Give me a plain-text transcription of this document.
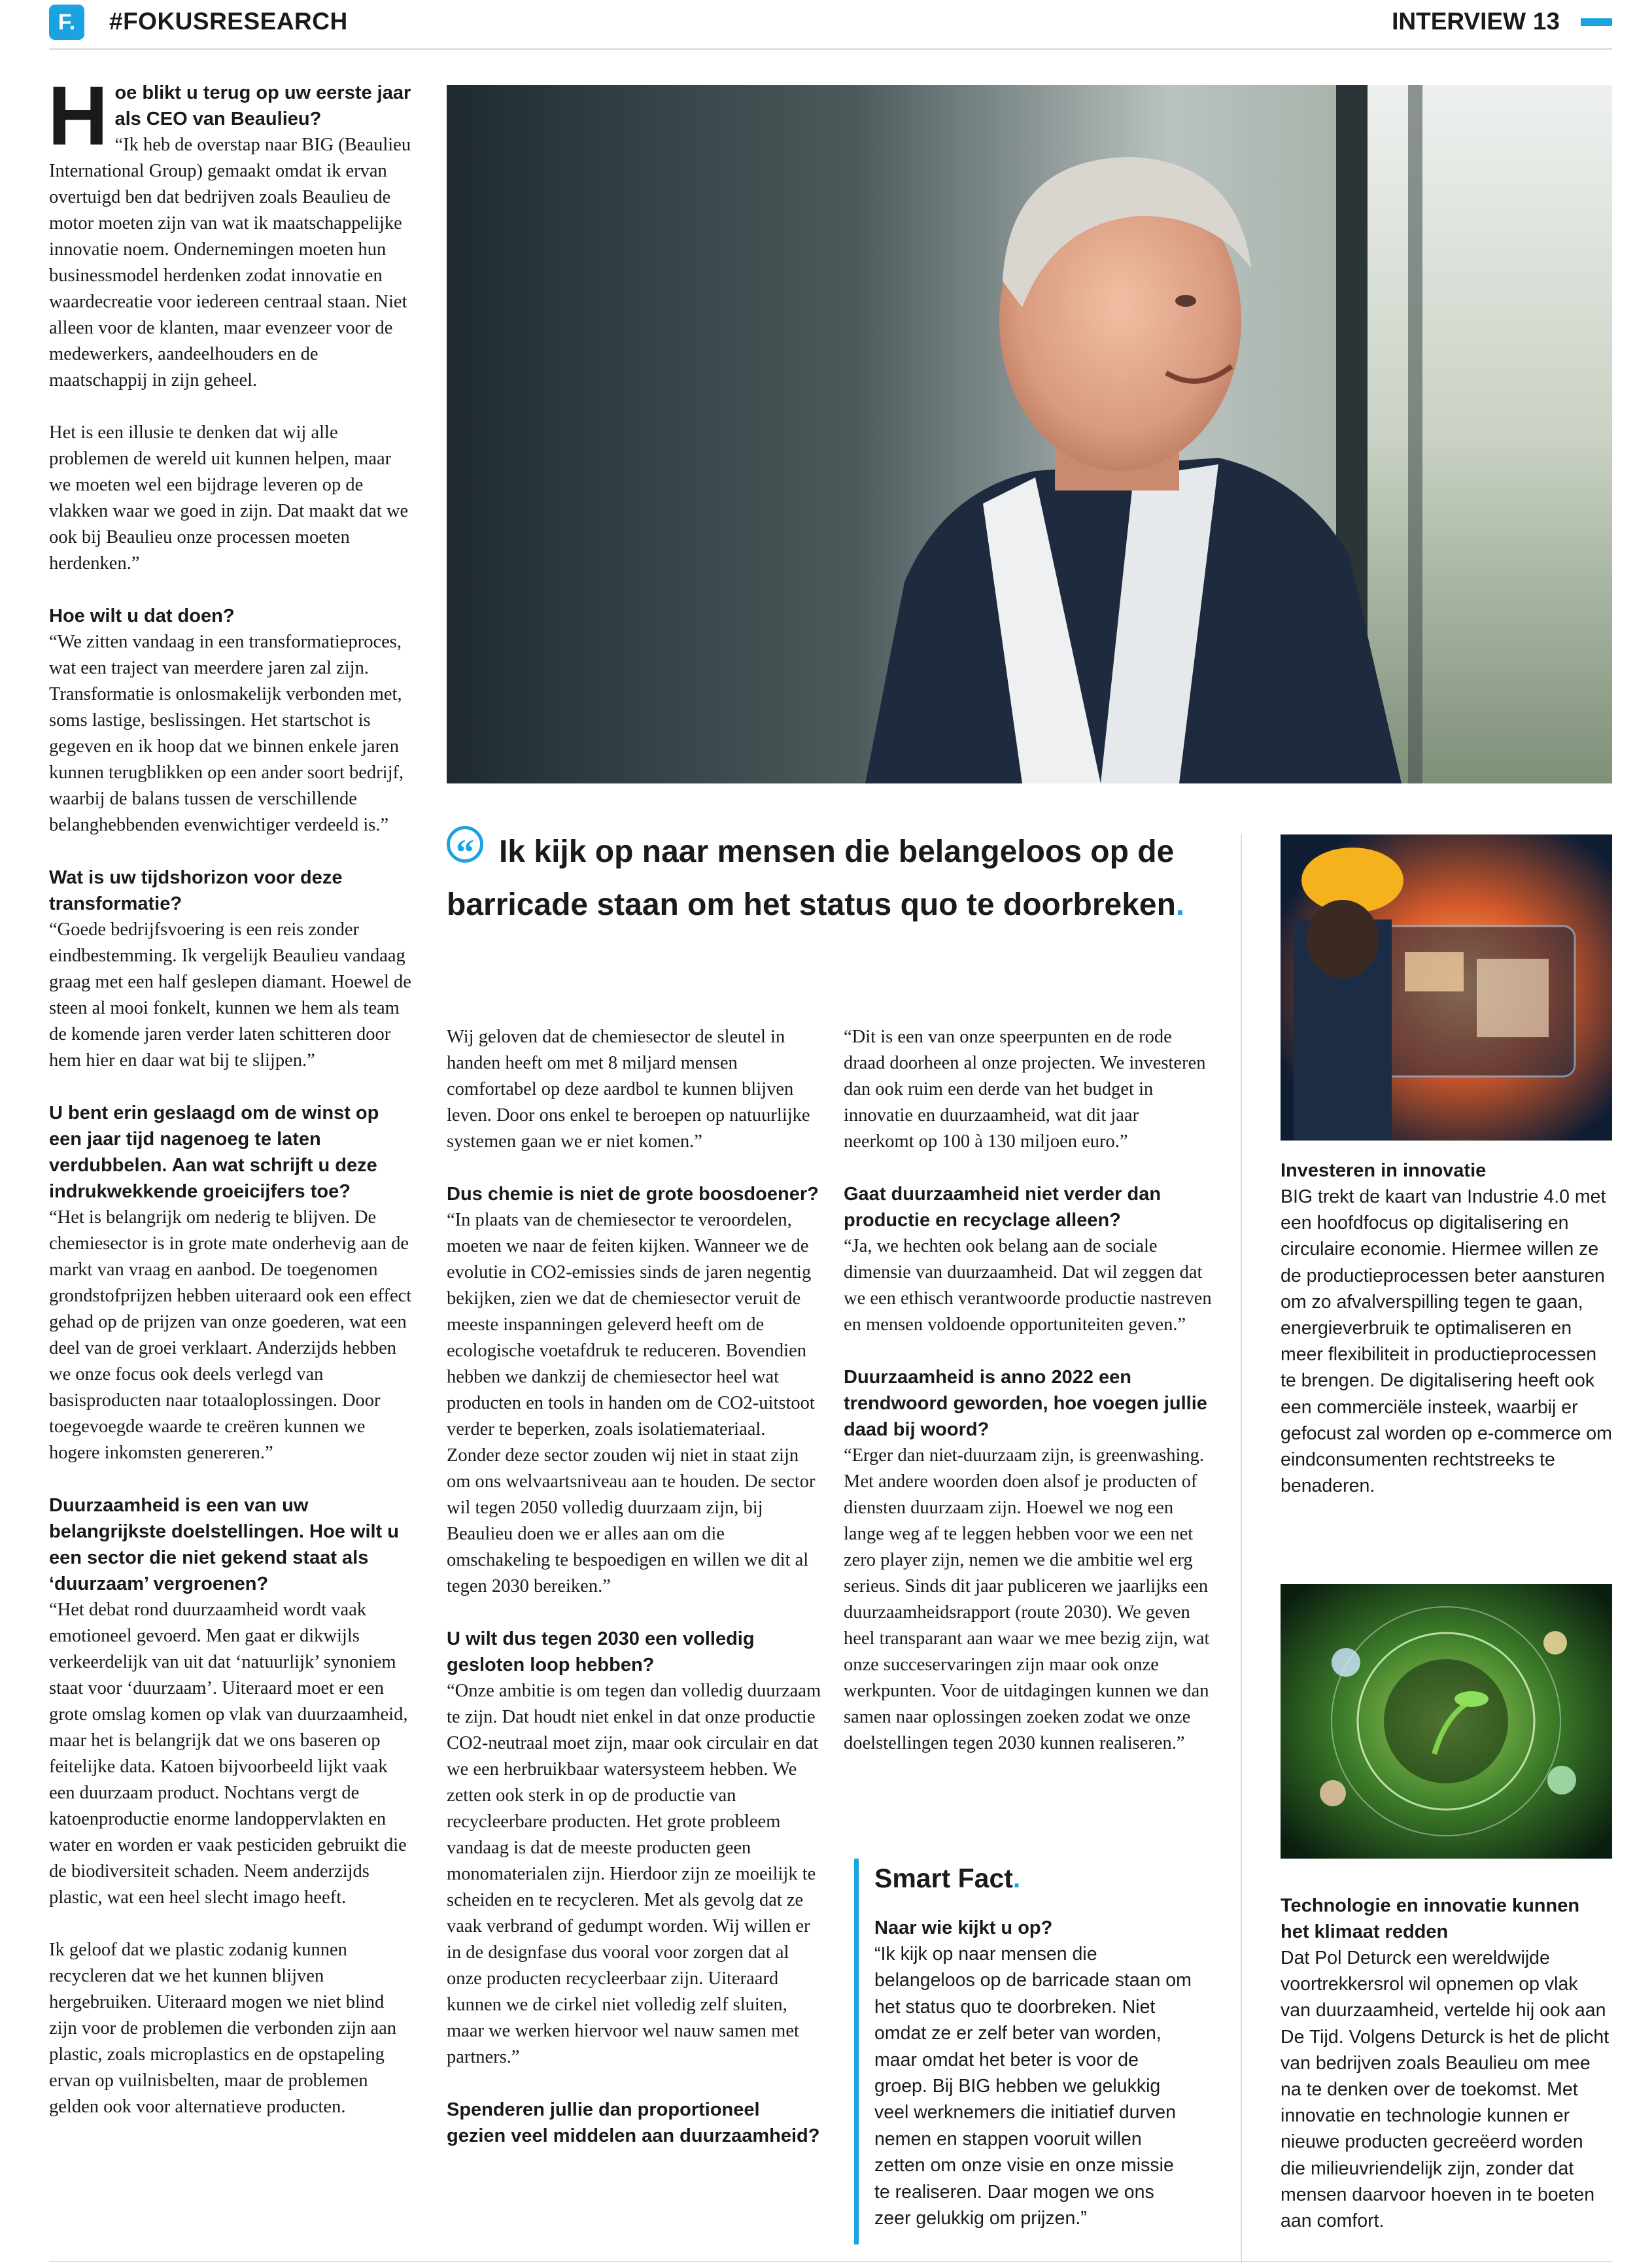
F.	#FOKUSRESEARCH	INTERVIEW 13
H oe blikt u terug op uw eerste jaar als CEO van Beaulieu?

“Ik heb de overstap naar BIG (Beaulieu International Group) gemaakt omdat ik ervan overtuigd ben dat bedrijven zoals Beaulieu de motor moeten zijn van wat ik maatschappelijke innovatie noem. Ondernemingen moeten hun businessmodel herdenken zodat innovatie en waardecreatie voor iedereen centraal staan. Niet alleen voor de klanten, maar evenzeer voor de medewerkers, aandeelhouders en de maatschappij in zijn geheel.

Het is een illusie te denken dat wij alle problemen de wereld uit kunnen helpen, maar we moeten wel een bijdrage leveren op de vlakken waar we goed in zijn. Dat maakt dat we ook bij Beaulieu onze processen moeten herdenken.”

Hoe wilt u dat doen?

“We zitten vandaag in een transformatieproces, wat een traject van meerdere jaren zal zijn. Transformatie is onlosmakelijk verbonden met, soms lastige, beslissingen. Het startschot is gegeven en ik hoop dat we binnen enkele jaren kunnen terugblikken op een ander soort bedrijf, waarbij de balans tussen de verschillende belanghebbenden evenwichtiger verdeeld is.”

Wat is uw tijdshorizon voor deze transformatie?

“Goede bedrijfsvoering is een reis zonder eindbestemming. Ik vergelijk Beaulieu vandaag graag met een half geslepen diamant. Hoewel de steen al mooi fonkelt, kunnen we hem als team de komende jaren verder laten schitteren door hem hier en daar wat bij te slijpen.”

U bent erin geslaagd om de winst op een jaar tijd nagenoeg te laten verdubbelen. Aan wat schrijft u deze indrukwekkende groeicijfers toe?

“Het is belangrijk om nederig te blijven. De chemiesector is in grote mate onderhevig aan de markt van vraag en aanbod. De toegenomen grondstofprijzen hebben uiteraard ook een effect gehad op de prijzen van onze goederen, wat een deel van de groei verklaart. Anderzijds hebben we onze focus ook deels verlegd van basisproducten naar totaaloplossingen. Door toegevoegde waarde te creëren kunnen we hogere inkomsten genereren.”

Duurzaamheid is een van uw belangrijkste doelstellingen. Hoe wilt u een sector die niet gekend staat als ‘duurzaam’ vergroenen?

“Het debat rond duurzaamheid wordt vaak emotioneel gevoerd. Men gaat er dikwijls verkeerdelijk van uit dat ‘natuurlijk’ synoniem staat voor ‘duurzaam’. Uiteraard moet er een grote omslag komen op vlak van duurzaamheid, maar het is belangrijk dat we ons baseren op feitelijke data. Katoen bijvoorbeeld lijkt vaak een duurzaam product. Nochtans vergt de katoenproductie enorme landoppervlakten en water en worden er vaak pesticiden gebruikt die de biodiversiteit schaden. Neem anderzijds plastic, wat een heel slecht imago heeft.

Ik geloof dat we plastic zodanig kunnen recycleren dat we het kunnen blijven hergebruiken. Uiteraard mogen we niet blind zijn voor de problemen die verbonden zijn aan plastic, zoals microplastics en de opstapeling ervan op vuilnisbelten, maar de problemen gelden ook voor alternatieve producten.

“ Ik kijk op naar mensen die belangeloos op de barricade staan om het status quo te doorbreken.

Wij geloven dat de chemiesector de sleutel in handen heeft om met 8 miljard mensen comfortabel op deze aardbol te kunnen blijven leven. Door ons enkel te beroepen op natuurlijke systemen gaan we er niet komen.”

Dus chemie is niet de grote boosdoener?

“In plaats van de chemiesector te veroordelen, moeten we naar de feiten kijken. Wanneer we de evolutie in CO2-emissies sinds de jaren negentig bekijken, zien we dat de chemiesector veruit de meeste inspanningen geleverd heeft om de ecologische voetafdruk te reduceren. Bovendien hebben we dankzij de chemiesector heel wat producten en tools in handen om de CO2-uitstoot verder te beperken, zoals isolatiemateriaal. Zonder deze sector zouden wij niet in staat zijn om ons welvaartsniveau aan te houden. De sector wil tegen 2050 volledig duurzaam zijn, bij Beaulieu doen we er alles aan om die omschakeling te bespoedigen en willen we dit al tegen 2030 bereiken.”

U wilt dus tegen 2030 een volledig gesloten loop hebben?

“Onze ambitie is om tegen dan volledig duurzaam te zijn. Dat houdt niet enkel in dat onze productie CO2-neutraal moet zijn, maar ook circulair en dat we een herbruikbaar watersysteem hebben. We zetten ook sterk in op de productie van recycleerbare producten. Het grote probleem vandaag is dat de meeste producten geen monomaterialen zijn. Hierdoor zijn ze moeilijk te scheiden en te recycleren. Met als gevolg dat ze vaak verbrand of gedumpt worden. Wij willen er in de designfase dus vooral voor zorgen dat al onze producten recycleerbaar zijn. Uiteraard kunnen we de cirkel niet volledig zelf sluiten, maar we werken hiervoor wel nauw samen met partners.”

Spenderen jullie dan proportioneel gezien veel middelen aan duurzaamheid?

“Dit is een van onze speerpunten en de rode draad doorheen al onze projecten. We investeren dan ook ruim een derde van het budget in innovatie en duurzaamheid, wat dit jaar neerkomt op 100 à 130 miljoen euro.”

Gaat duurzaamheid niet verder dan productie en recyclage alleen?

“Ja, we hechten ook belang aan de sociale dimensie van duurzaamheid. Dat wil zeggen dat we een ethisch verantwoorde productie nastreven en mensen voldoende opportuniteiten geven.”

Duurzaamheid is anno 2022 een trendwoord geworden, hoe voegen jullie daad bij woord?

“Erger dan niet-duurzaam zijn, is greenwashing. Met andere woorden doen alsof je producten of diensten duurzaam zijn. Hoewel we nog een lange weg af te leggen hebben voor we een net zero player zijn, nemen we die ambitie wel erg serieus. Sinds dit jaar publiceren we jaarlijks een duurzaamheidsrapport (route 2030). We geven heel transparant aan waar we mee bezig zijn, wat onze succeservaringen zijn maar ook onze werkpunten. Voor de uitdagingen kunnen we dan samen naar oplossingen zoeken zodat we onze doelstellingen tegen 2030 kunnen realiseren.”

Smart Fact.
Naar wie kijkt u op?

“Ik kijk op naar mensen die belangeloos op de barricade staan om het status quo te doorbreken. Niet omdat ze er zelf beter van worden, maar omdat het beter is voor de groep. Bij BIG hebben we gelukkig veel werknemers die initiatief durven nemen en stappen vooruit willen zetten om onze visie en onze missie te realiseren. Daar mogen we ons zeer gelukkig om prijzen.”

Investeren in innovatie

BIG trekt de kaart van Industrie 4.0 met een hoofdfocus op digitalisering en circulaire economie. Hiermee willen ze de productieprocessen beter aansturen om zo afvalverspilling tegen te gaan, energieverbruik te optimaliseren en meer flexibiliteit in productieprocessen te brengen. De digitalisering heeft ook een commerciële insteek, waarbij er gefocust zal worden op e-commerce om eindconsumenten rechtstreeks te benaderen.

Technologie en innovatie kunnen het klimaat redden

Dat Pol Deturck een wereldwijde voortrekkersrol wil opnemen op vlak van duurzaamheid, vertelde hij ook aan De Tijd. Volgens Deturck is het de plicht van bedrijven zoals Beaulieu om mee na te denken over de toekomst. Met innovatie en technologie kunnen er nieuwe producten gecreëerd worden die milieuvriendelijk zijn, zonder dat mensen daarvoor hoeven in te boeten aan comfort.
